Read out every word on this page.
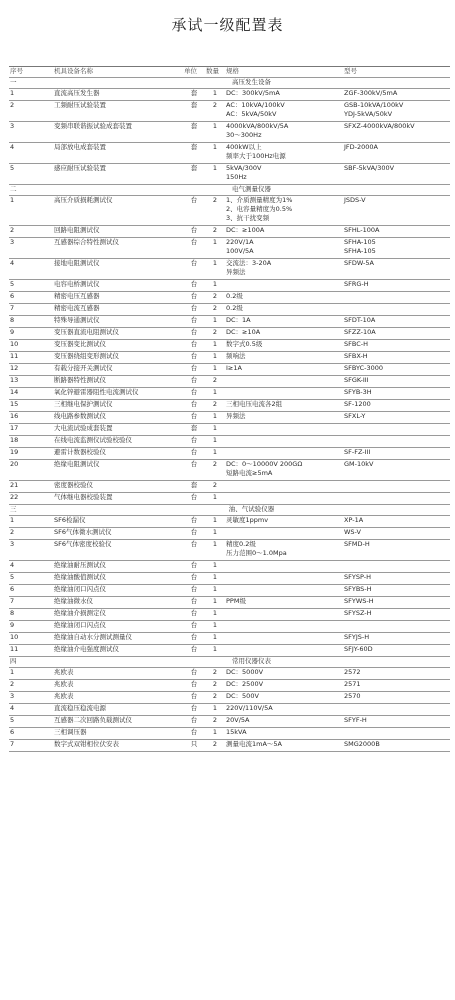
承试一级配置表
序号	机具设备名称	单位	数量	规格	型号
一	高压发生设备				
1	直流高压发生器	套	1	DC：300kV/5mA	ZGF-300kV/5mA

2	工频耐压试验装置	套	2	AC：10kVA/100kV
AC：5kVA/50kV	GSB-10kVA/100kV
YDJ-5kVA/50kV

3	变频串联谐振试验成套装置	套	1	4000kVA/800kV/5A
30～300Hz	SFXZ-4000kVA/800kV

4	局部放电成套装置	套	1	400kW以上
频率大于100Hz电源	JFD-2000A

5	感应耐压试验装置	套	1	5kVA/300V
150Hz	SBF-5kVA/300V

二	电气测量仪器				
1	高压介质损耗测试仪	台	2	1、介质测量精度为1%
2、电容量精度为0.5%
3、抗干扰变频	JSDS-V

2	回路电阻测试仪	台	2	DC：≥100A	SFHL-100A

3	互感器综合特性测试仪	台	1	220V/1A
100V/5A	SFHA-105
SFHA-105

4	接地电阻测试仪	台	1	交流法：3-20A
异频法	SFDW-5A

5	电容电桥测试仪	台	1		SFRG-H

6	精密电压互感器	台	2	0.2级	

7	精密电流互感器	台	2	0.2级	

8	特殊导通测试仪	台	1	DC：1A	SFDT-10A

9	变压器直流电阻测试仪	台	2	DC：≥10A	SFZZ-10A

10	变压器变比测试仪	台	1	数字式0.5级	SFBC-H

11	变压器绕组变形测试仪	台	1	频响法	SFBX-H

12	有载分接开关测试仪	台	1	I≥1A	SFBYC-3000

13	断路器特性测试仪	台	2		SFGK-III

14	氧化锌避雷器阻性电流测试仪	台	1		SFYB-3H

15	三相继电保护测试仪	台	2	三相电压电流各2组	SF-1200

16	线电路参数测试仪	台	1	异频法	SFXL-Y

17	大电流试验成套装置	套	1	

18	在线电流监测仪试验校验仪	台	1	

19	避雷计数器校验仪	台	1		SF-FZ-III

20	绝缘电阻测试仪	台	2	DC：0～10000V 200GΩ
短路电流≥5mA	GM-10kV

21	密度器校验仪	套	2	

22	气体继电器校验装置	台	1	

三	油、气试验仪器				
1	SF6检漏仪	台	1	灵敏度1ppmv	XP-1A

2	SF6气体微水测试仪	台	1		WS-V

3	SF6气体密度校验仪	台	1	精度0.2级
压力范围0～1.0Mpa	SFMD-H

4	绝缘油耐压测试仪	台	1	

5	绝缘油酸值测试仪	台	1		SFYSP-H

6	绝缘油闭口闪点仪	台	1		SFYBS-H

7	绝缘油微水仪	台	1	PPM级	SFYWS-H

8	绝缘油介损测定仪	台	1		SFYSZ-H

9	绝缘油闭口闪点仪	台	1	

10	绝缘油自动水分测试测量仪	台	1		SFYJS-H

11	绝缘油介电强度测试仪	台	1		SFJY-60D

四	常用仪器仪表				
1	兆欧表	台	2	DC：5000V	2572

2	兆欧表	台	2	DC：2500V	2571

3	兆欧表	台	2	DC：500V	2570

4	直流稳压稳流电源	台	1	220V/110V/5A	

5	互感器二次回路负载测试仪	台	2	20V/5A	SFYF-H

6	三相调压器	台	1	15kVA	

7	数字式双钳相位伏安表	只	2	测量电流1mA～5A	SMG2000B
